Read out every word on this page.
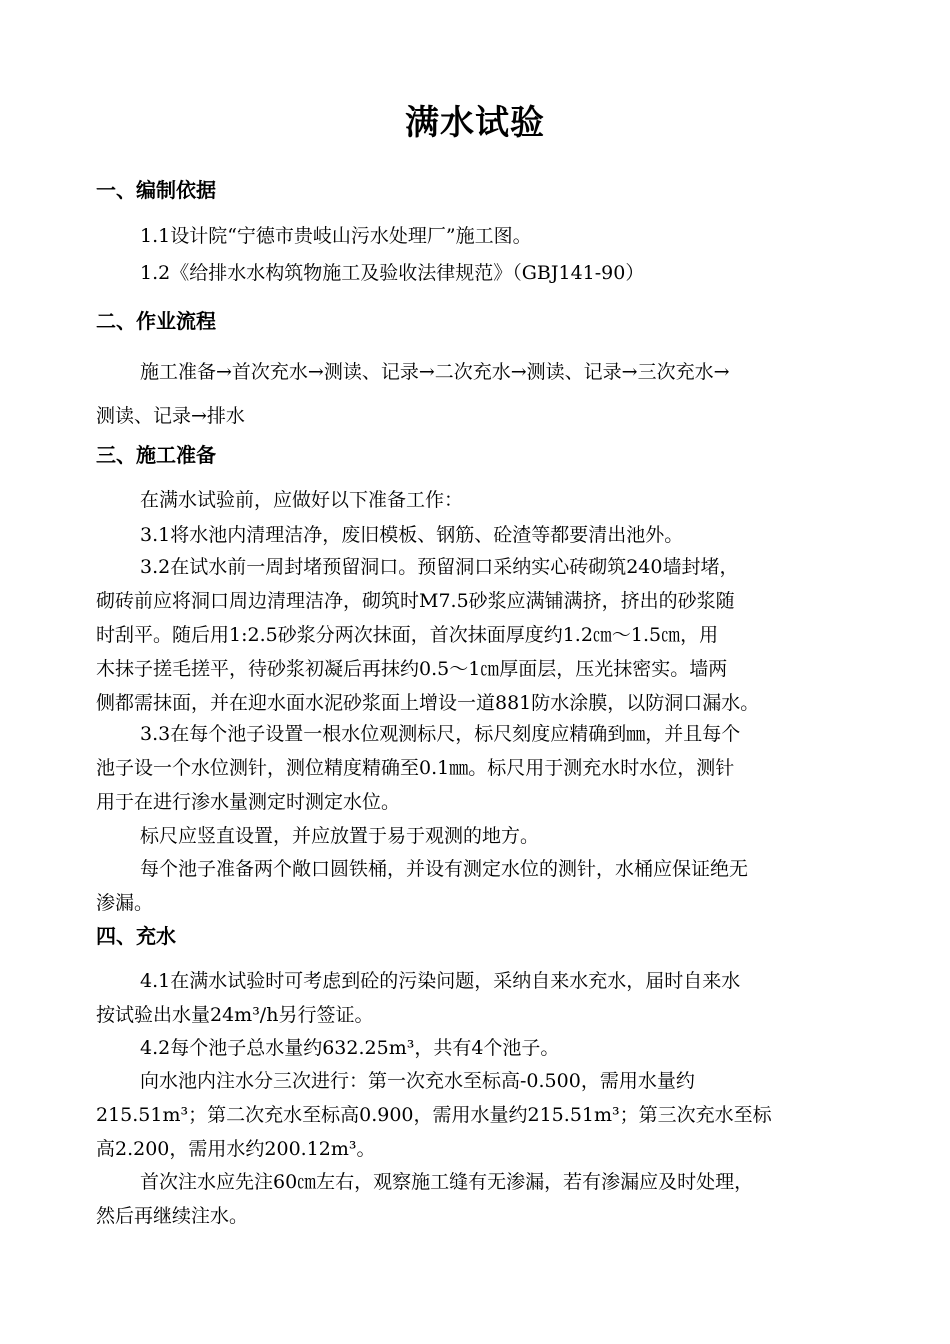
满水试验
一、编制依据
1.1设计院“宁德市贵岐山污水处理厂”施工图。
1.2《给排水水构筑物施工及验收法律规范》（GBJ141-90）
二、作业流程
施工准备→首次充水→测读、记录→二次充水→测读、记录→三次充水→
测读、记录→排水
三、施工准备
在满水试验前，应做好以下准备工作：
3.1将水池内清理洁净，废旧模板、钢筋、砼渣等都要清出池外。
3.2在试水前一周封堵预留洞口。预留洞口采纳实心砖砌筑240墙封堵，
砌砖前应将洞口周边清理洁净，砌筑时M7.5砂浆应满铺满挤，挤出的砂浆随
时刮平。随后用1:2.5砂浆分两次抹面，首次抹面厚度约1.2㎝～1.5㎝，用
木抹子搓毛搓平，待砂浆初凝后再抹约0.5～1㎝厚面层，压光抹密实。墙两
侧都需抹面，并在迎水面水泥砂浆面上增设一道881防水涂膜，以防洞口漏水。
3.3在每个池子设置一根水位观测标尺，标尺刻度应精确到㎜，并且每个
池子设一个水位测针，测位精度精确至0.1㎜。标尺用于测充水时水位，测针
用于在进行渗水量测定时测定水位。
标尺应竖直设置，并应放置于易于观测的地方。
每个池子准备两个敞口圆铁桶，并设有测定水位的测针，水桶应保证绝无
渗漏。
四、充水
4.1在满水试验时可考虑到砼的污染问题，采纳自来水充水，届时自来水
按试验出水量24m³/h另行签证。
4.2每个池子总水量约632.25m³，共有4个池子。
向水池内注水分三次进行：第一次充水至标高-0.500，需用水量约
215.51m³；第二次充水至标高0.900，需用水量约215.51m³；第三次充水至标
高2.200，需用水约200.12m³。
首次注水应先注60㎝左右，观察施工缝有无渗漏，若有渗漏应及时处理，
然后再继续注水。
